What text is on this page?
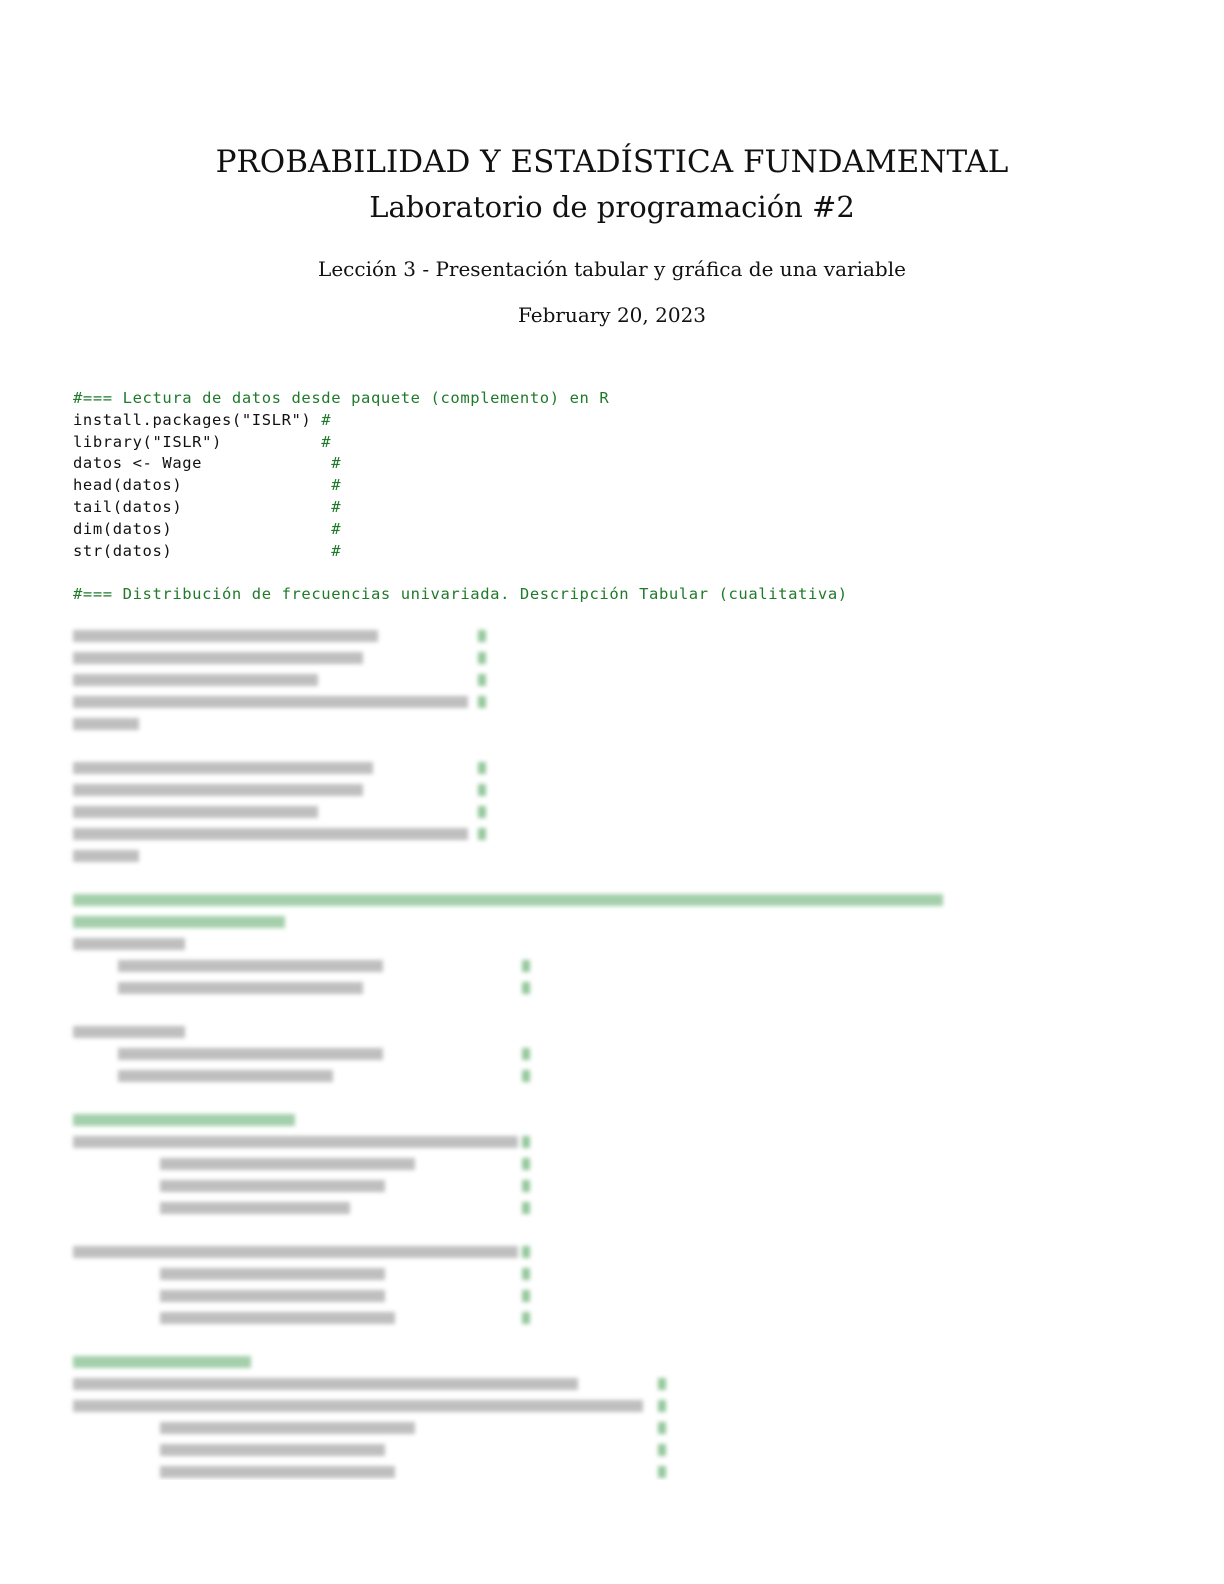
PROBABILIDAD Y ESTADÍSTICA FUNDAMENTAL
Laboratorio de programación #2
Lección 3 - Presentación tabular y gráfica de una variable
February 20, 2023
#=== Lectura de datos desde paquete (complemento) en R
install.packages("ISLR") #
library("ISLR")          #
datos <- Wage             #
head(datos)               #
tail(datos)               #
dim(datos)                #
str(datos)                #
#=== Distribución de frecuencias univariada. Descripción Tabular (cualitativa)
